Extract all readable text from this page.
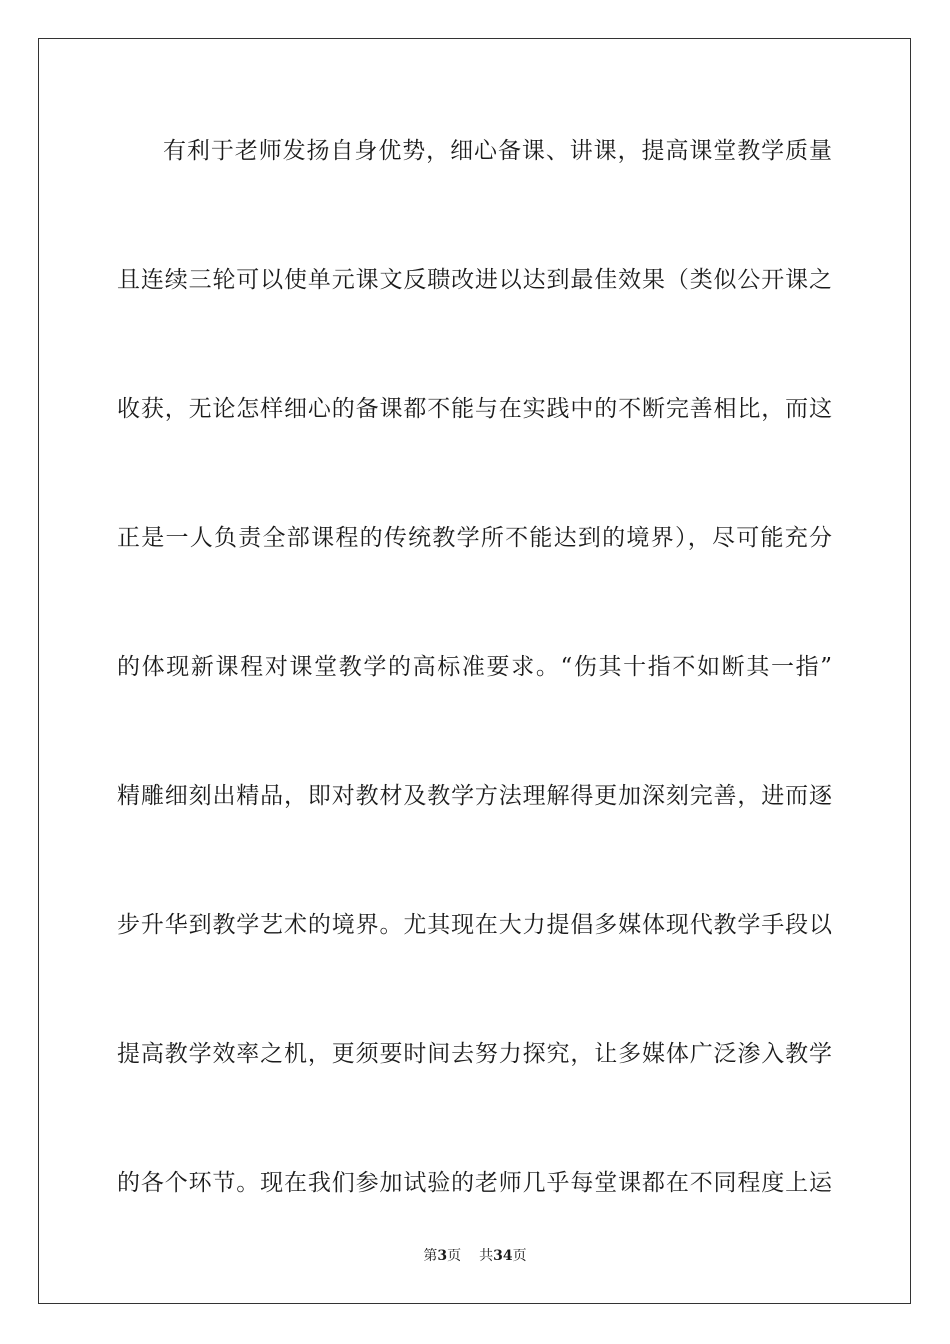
有利于老师发扬自身优势，细心备课、讲课，提高课堂教学质量
且连续三轮可以使单元课文反聩改进以达到最佳效果（类似公开课之
收获，无论怎样细心的备课都不能与在实践中的不断完善相比，而这
正是一人负责全部课程的传统教学所不能达到的境界），尽可能充分
的体现新课程对课堂教学的高标准要求。“伤其十指不如断其一指”
精雕细刻出精品，即对教材及教学方法理解得更加深刻完善，进而逐
步升华到教学艺术的境界。尤其现在大力提倡多媒体现代教学手段以
提高教学效率之机，更须要时间去努力探究，让多媒体广泛渗入教学
的各个环节。现在我们参加试验的老师几乎每堂课都在不同程度上运
第3页 共34页
